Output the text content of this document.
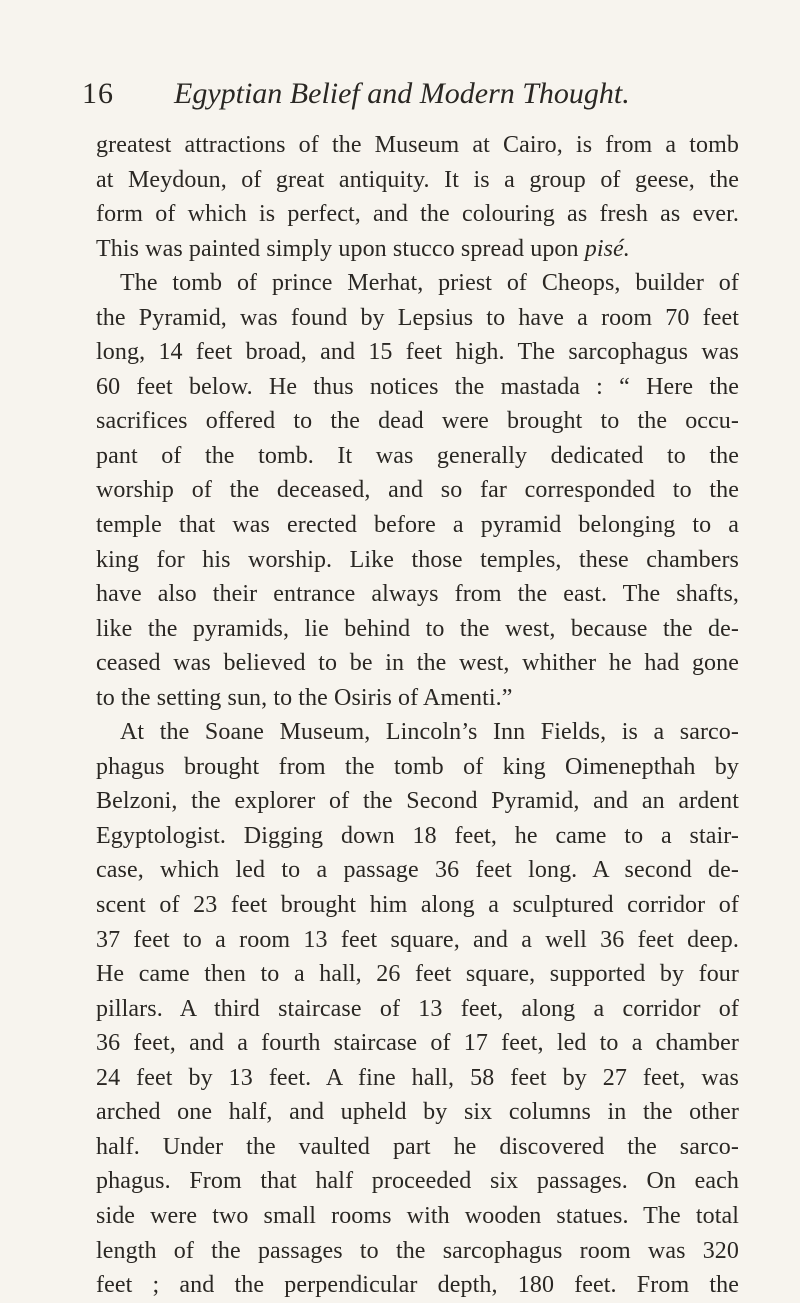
16 Egyptian Belief and Modern Thought.
greatest attractions of the Museum at Cairo, is from a tomb
at Meydoun, of great antiquity. It is a group of geese, the
form of which is perfect, and the colouring as fresh as ever.
This was painted simply upon stucco spread upon pisé.
The tomb of prince Merhat, priest of Cheops, builder of
the Pyramid, was found by Lepsius to have a room 70 feet
long, 14 feet broad, and 15 feet high. The sarcophagus was
60 feet below. He thus notices the mastada : “ Here the
sacrifices offered to the dead were brought to the occu-
pant of the tomb. It was generally dedicated to the
worship of the deceased, and so far corresponded to the
temple that was erected before a pyramid belonging to a
king for his worship. Like those temples, these chambers
have also their entrance always from the east. The shafts,
like the pyramids, lie behind to the west, because the de-
ceased was believed to be in the west, whither he had gone
to the setting sun, to the Osiris of Amenti.”
At the Soane Museum, Lincoln’s Inn Fields, is a sarco-
phagus brought from the tomb of king Oimenepthah by
Belzoni, the explorer of the Second Pyramid, and an ardent
Egyptologist. Digging down 18 feet, he came to a stair-
case, which led to a passage 36 feet long. A second de-
scent of 23 feet brought him along a sculptured corridor of
37 feet to a room 13 feet square, and a well 36 feet deep.
He came then to a hall, 26 feet square, supported by four
pillars. A third staircase of 13 feet, along a corridor of
36 feet, and a fourth staircase of 17 feet, led to a chamber
24 feet by 13 feet. A fine hall, 58 feet by 27 feet, was
arched one half, and upheld by six columns in the other
half. Under the vaulted part he discovered the sarco-
phagus. From that half proceeded six passages. On each
side were two small rooms with wooden statues. The total
length of the passages to the sarcophagus room was 320
feet ; and the perpendicular depth, 180 feet. From the
